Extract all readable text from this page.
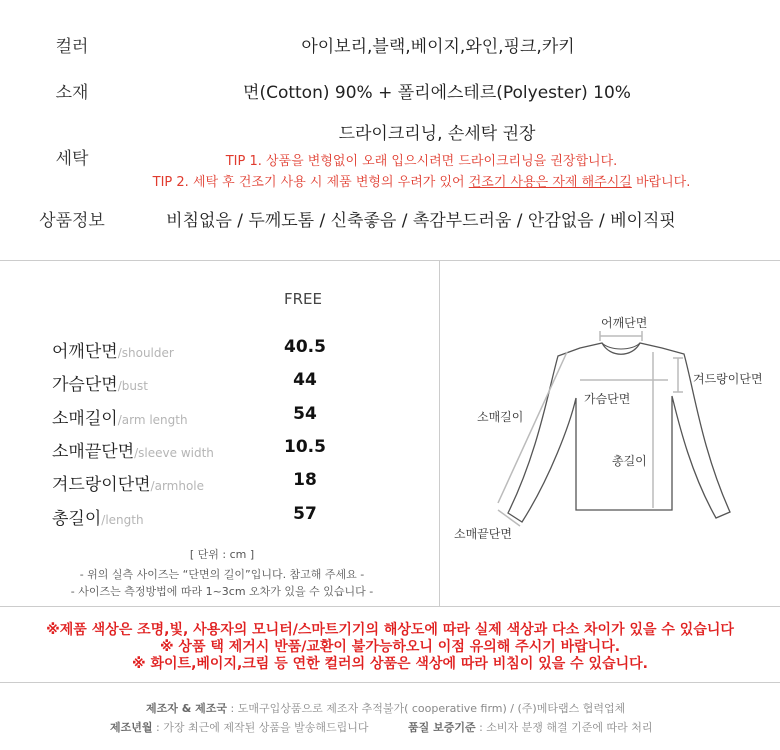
컬러	아이보리,블랙,베이지,와인,핑크,카키
소재	면(Cotton) 90% + 폴리에스테르(Polyester) 10%
세탁
드라이크리닝, 손세탁 권장
TIP 1. 상품을 변형없이 오래 입으시려면 드라이크리닝을 권장합니다.
TIP 2. 세탁 후 건조기 사용 시 제품 변형의 우려가 있어 건조기 사용은 자제 해주시길 바랍니다.
상품정보	비침없음 / 두께도톰 / 신축좋음 / 촉감부드러움 / 안감없음 / 베이직핏
FREE
어깨단면/shoulder	40.5
가슴단면/bust	44
소매길이/arm length	54
소매끝단면/sleeve width	10.5
겨드랑이단면/armhole	18
총길이/length	57
[ 단위 : cm ]
- 위의 실측 사이즈는 “단면의 길이”입니다. 참고해 주세요 -
- 사이즈는 측정방법에 따라 1~3cm 오차가 있을 수 있습니다 -
어깨단면
겨드랑이단면
가슴단면
소매길이
총길이
소매끝단면
※제품 색상은 조명,빛, 사용자의 모니터/스마트기기의 해상도에 따라 실제 색상과 다소 차이가 있을 수 있습니다
※ 상품 택 제거시 반품/교환이 불가능하오니 이점 유의해 주시기 바랍니다.
※ 화이트,베이지,크림 등 연한 컬러의 상품은 색상에 따라 비침이 있을 수 있습니다.
제조자 & 제조국 : 도매구입상품으로 제조자 추적불가( cooperative firm) / (주)메타랩스 협력업체
제조년월 : 가장 최근에 제작된 상품을 발송해드립니다	품질 보증기준 : 소비자 분쟁 해결 기준에 따라 처리
